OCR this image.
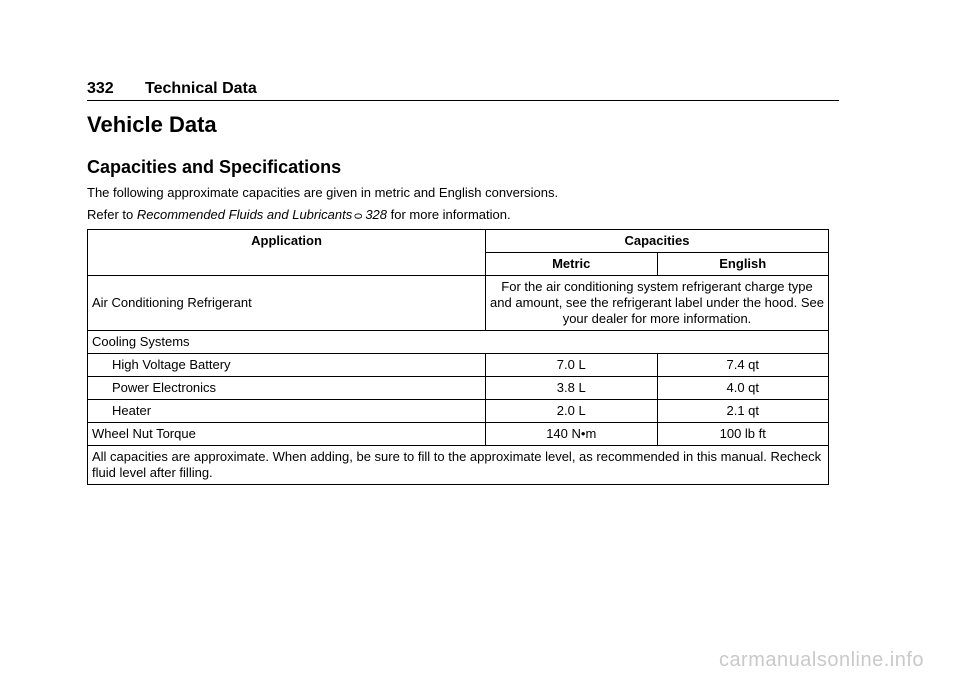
332	Technical Data
Vehicle Data
Capacities and Specifications

The following approximate capacities are given in metric and English conversions.

Refer to Recommended Fluids and Lubricants0328 for more information.

Application	Capacities	
	Metric	English
Air Conditioning Refrigerant	For the air conditioning system refrigerant charge type and amount, see the refrigerant label under the hood. See your dealer for more information.	
Cooling Systems		
High Voltage Battery	7.0 L	7.4 qt
Power Electronics	3.8 L	4.0 qt
Heater	2.0 L	2.1 qt
Wheel Nut Torque	140 N•m	100 lb ft
All capacities are approximate. When adding, be sure to fill to the approximate level, as recommended in this manual. Recheck fluid level after filling.		
carmanualsonline.info
